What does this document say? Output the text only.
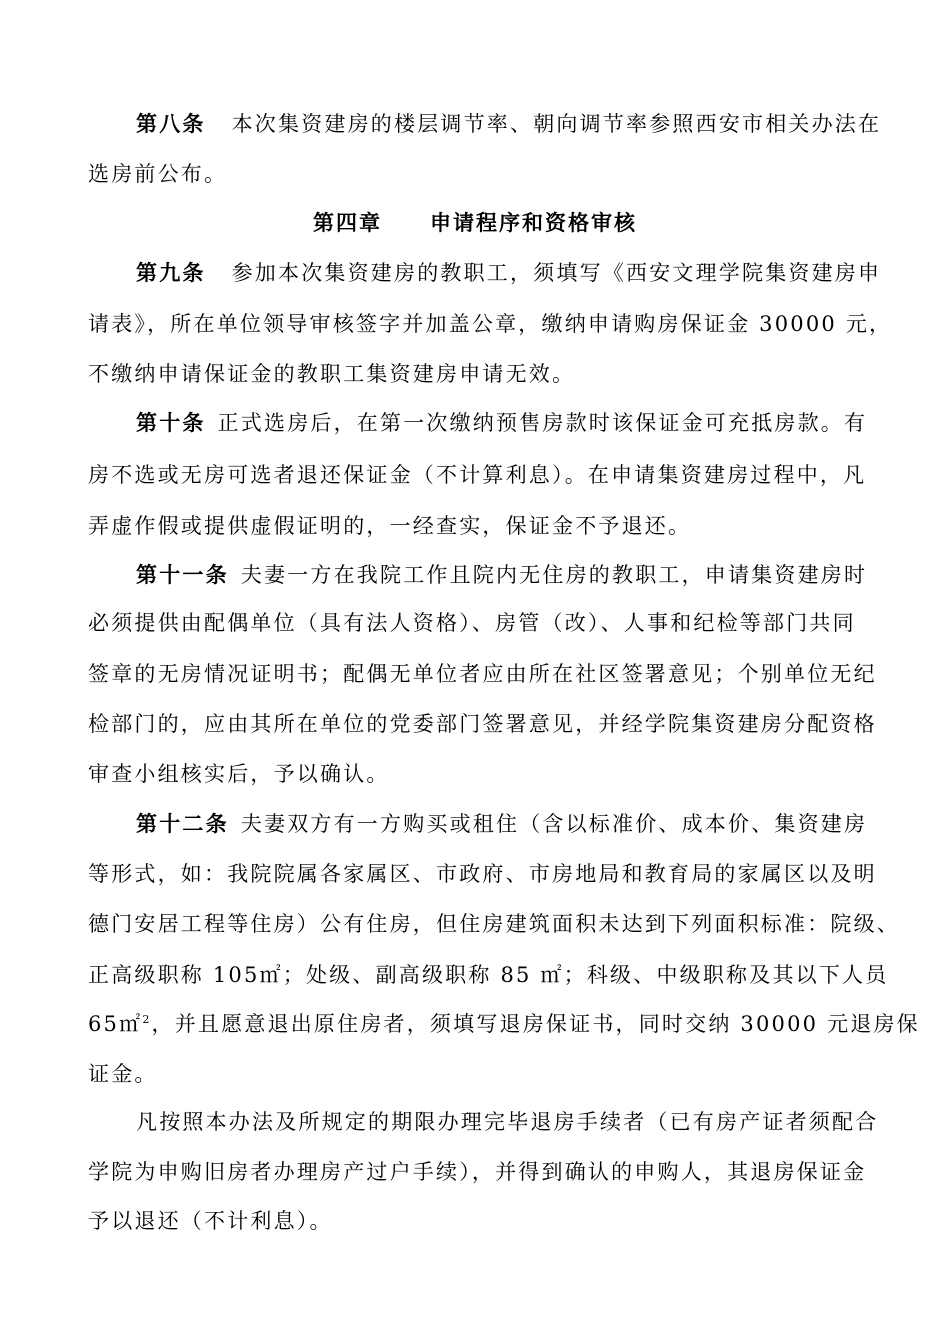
第八条 本次集资建房的楼层调节率、朝向调节率参照西安市相关办法在
选房前公布。
第四章 申请程序和资格审核
第九条 参加本次集资建房的教职工，须填写《西安文理学院集资建房申
请表》，所在单位领导审核签字并加盖公章，缴纳申请购房保证金 30000 元，
不缴纳申请保证金的教职工集资建房申请无效。
第十条 正式选房后，在第一次缴纳预售房款时该保证金可充抵房款。有
房不选或无房可选者退还保证金（不计算利息）。在申请集资建房过程中，凡
弄虚作假或提供虚假证明的，一经查实，保证金不予退还。
第十一条 夫妻一方在我院工作且院内无住房的教职工，申请集资建房时
必须提供由配偶单位（具有法人资格）、房管（改）、人事和纪检等部门共同
签章的无房情况证明书；配偶无单位者应由所在社区签署意见；个别单位无纪
检部门的，应由其所在单位的党委部门签署意见，并经学院集资建房分配资格
审查小组核实后，予以确认。
第十二条 夫妻双方有一方购买或租住（含以标准价、成本价、集资建房
等形式，如：我院院属各家属区、市政府、市房地局和教育局的家属区以及明
德门安居工程等住房）公有住房，但住房建筑面积未达到下列面积标准：院级、
正高级职称 105㎡；处级、副高级职称 85 ㎡；科级、中级职称及其以下人员
65㎡$^2$，并且愿意退出原住房者，须填写退房保证书，同时交纳 30000 元退房保
证金。
凡按照本办法及所规定的期限办理完毕退房手续者（已有房产证者须配合
学院为申购旧房者办理房产过户手续），并得到确认的申购人，其退房保证金
予以退还（不计利息）。
